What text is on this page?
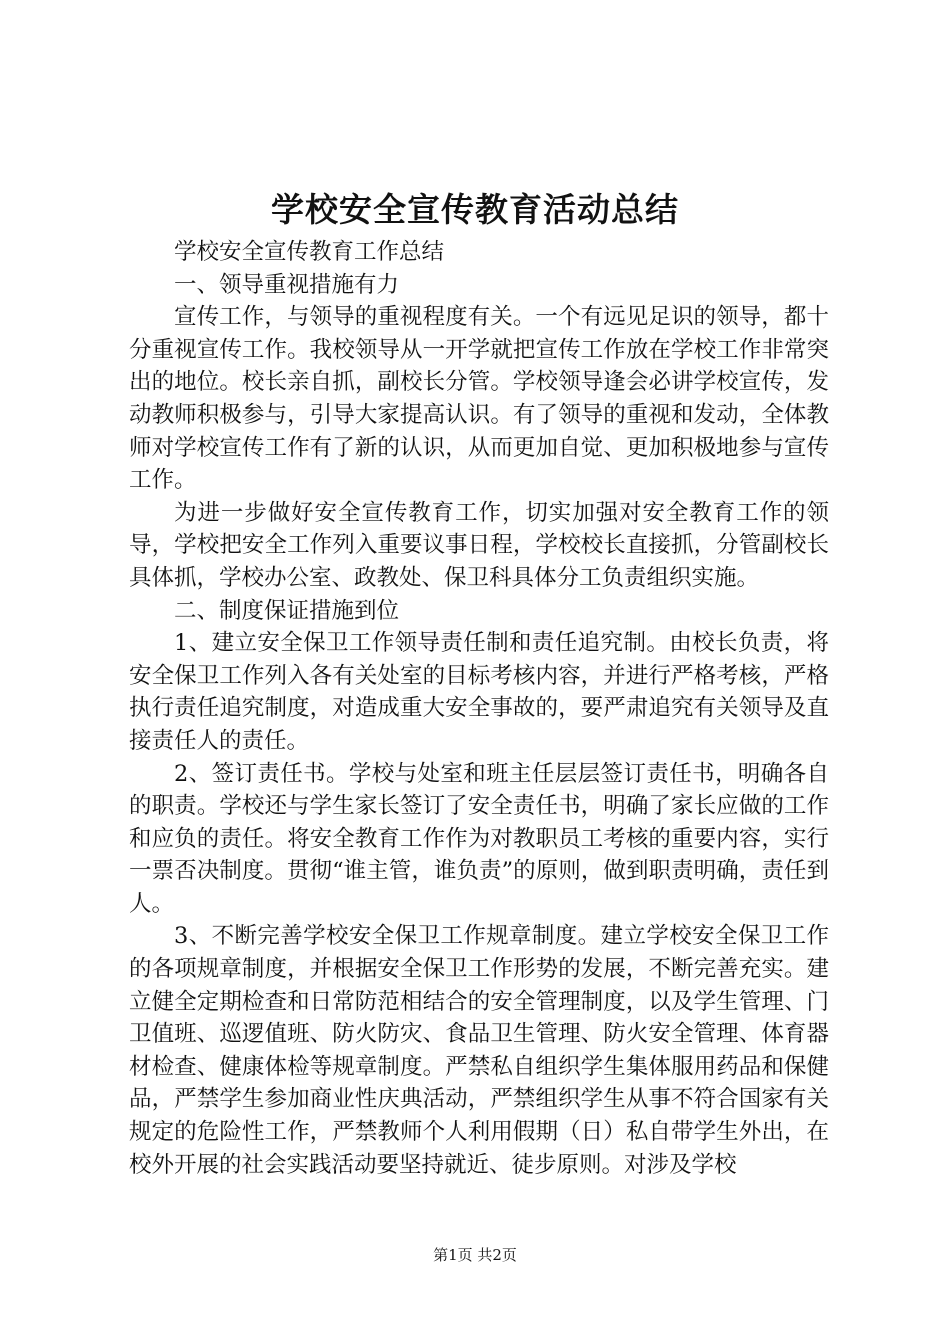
学校安全宣传教育活动总结

学校安全宣传教育工作总结

一、领导重视措施有力

宣传工作，与领导的重视程度有关。一个有远见足识的领导，都十分重视宣传工作。我校领导从一开学就把宣传工作放在学校工作非常突出的地位。校长亲自抓，副校长分管。学校领导逢会必讲学校宣传，发动教师积极参与，引导大家提高认识。有了领导的重视和发动，全体教师对学校宣传工作有了新的认识，从而更加自觉、更加积极地参与宣传工作。

为进一步做好安全宣传教育工作，切实加强对安全教育工作的领导，学校把安全工作列入重要议事日程，学校校长直接抓，分管副校长具体抓，学校办公室、政教处、保卫科具体分工负责组织实施。

二、制度保证措施到位

1、建立安全保卫工作领导责任制和责任追究制。由校长负责，将安全保卫工作列入各有关处室的目标考核内容，并进行严格考核，严格执行责任追究制度，对造成重大安全事故的，要严肃追究有关领导及直接责任人的责任。

2、签订责任书。学校与处室和班主任层层签订责任书，明确各自的职责。学校还与学生家长签订了安全责任书，明确了家长应做的工作和应负的责任。将安全教育工作作为对教职员工考核的重要内容，实行一票否决制度。贯彻“谁主管，谁负责”的原则，做到职责明确，责任到人。

3、不断完善学校安全保卫工作规章制度。建立学校安全保卫工作的各项规章制度，并根据安全保卫工作形势的发展，不断完善充实。建立健全定期检查和日常防范相结合的安全管理制度，以及学生管理、门卫值班、巡逻值班、防火防灾、食品卫生管理、防火安全管理、体育器材检查、健康体检等规章制度。严禁私自组织学生集体服用药品和保健品，严禁学生参加商业性庆典活动，严禁组织学生从事不符合国家有关规定的危险性工作，严禁教师个人利用假期（日）私自带学生外出，在校外开展的社会实践活动要坚持就近、徒步原则。对涉及学校

第1页 共2页
